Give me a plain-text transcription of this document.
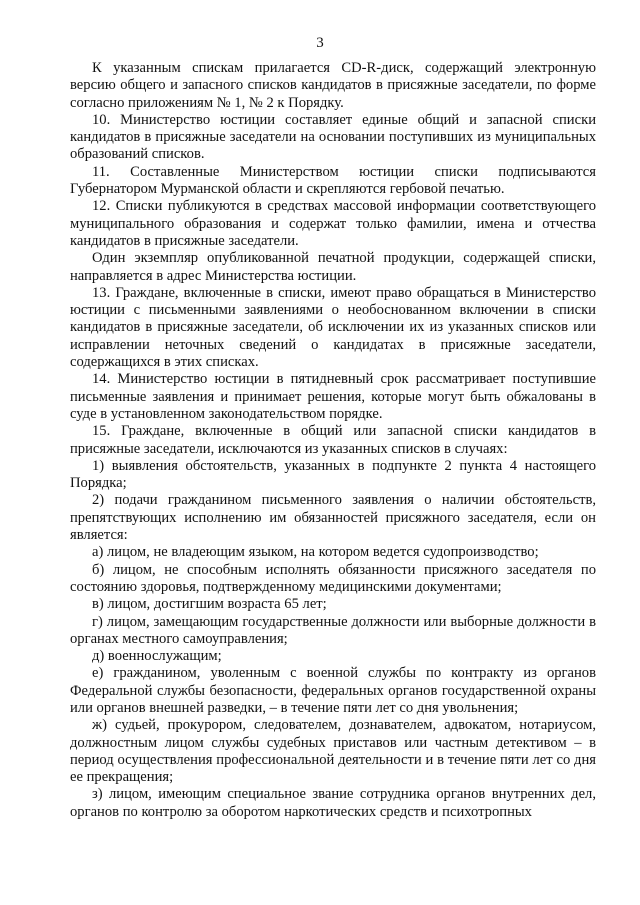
3

К указанным спискам прилагается CD-R-диск, содержащий электронную версию общего и запасного списков кандидатов в присяжные заседатели, по форме согласно приложениям № 1, № 2 к Порядку.

10. Министерство юстиции составляет единые общий и запасной списки кандидатов в присяжные заседатели на основании поступивших из муниципальных образований списков.

11. Составленные Министерством юстиции списки подписываются Губернатором Мурманской области и скрепляются гербовой печатью.

12. Списки публикуются в средствах массовой информации соответствующего муниципального образования и содержат только фамилии, имена и отчества кандидатов в присяжные заседатели.

Один экземпляр опубликованной печатной продукции, содержащей списки, направляется в адрес Министерства юстиции.

13. Граждане, включенные в списки, имеют право обращаться в Министерство юстиции с письменными заявлениями о необоснованном включении в списки кандидатов в присяжные заседатели, об исключении их из указанных списков или исправлении неточных сведений о кандидатах в присяжные заседатели, содержащихся в этих списках.

14. Министерство юстиции в пятидневный срок рассматривает поступившие письменные заявления и принимает решения, которые могут быть обжалованы в суде в установленном законодательством порядке.

15. Граждане, включенные в общий или запасной списки кандидатов в присяжные заседатели, исключаются из указанных списков в случаях:

1) выявления обстоятельств, указанных в подпункте 2 пункта 4 настоящего Порядка;

2) подачи гражданином письменного заявления о наличии обстоятельств, препятствующих исполнению им обязанностей присяжного заседателя, если он является:

а) лицом, не владеющим языком, на котором ведется судопроизводство;

б) лицом, не способным исполнять обязанности присяжного заседателя по состоянию здоровья, подтвержденному медицинскими документами;

в) лицом, достигшим возраста 65 лет;

г) лицом, замещающим государственные должности или выборные должности в органах местного самоуправления;

д) военнослужащим;

е) гражданином, уволенным с военной службы по контракту из органов Федеральной службы безопасности, федеральных органов государственной охраны или органов внешней разведки, – в течение пяти лет со дня увольнения;

ж) судьей, прокурором, следователем, дознавателем, адвокатом, нотариусом, должностным лицом службы судебных приставов или частным детективом – в период осуществления профессиональной деятельности и в течение пяти лет со дня ее прекращения;

з) лицом, имеющим специальное звание сотрудника органов внутренних дел, органов по контролю за оборотом наркотических средств и психотропных
